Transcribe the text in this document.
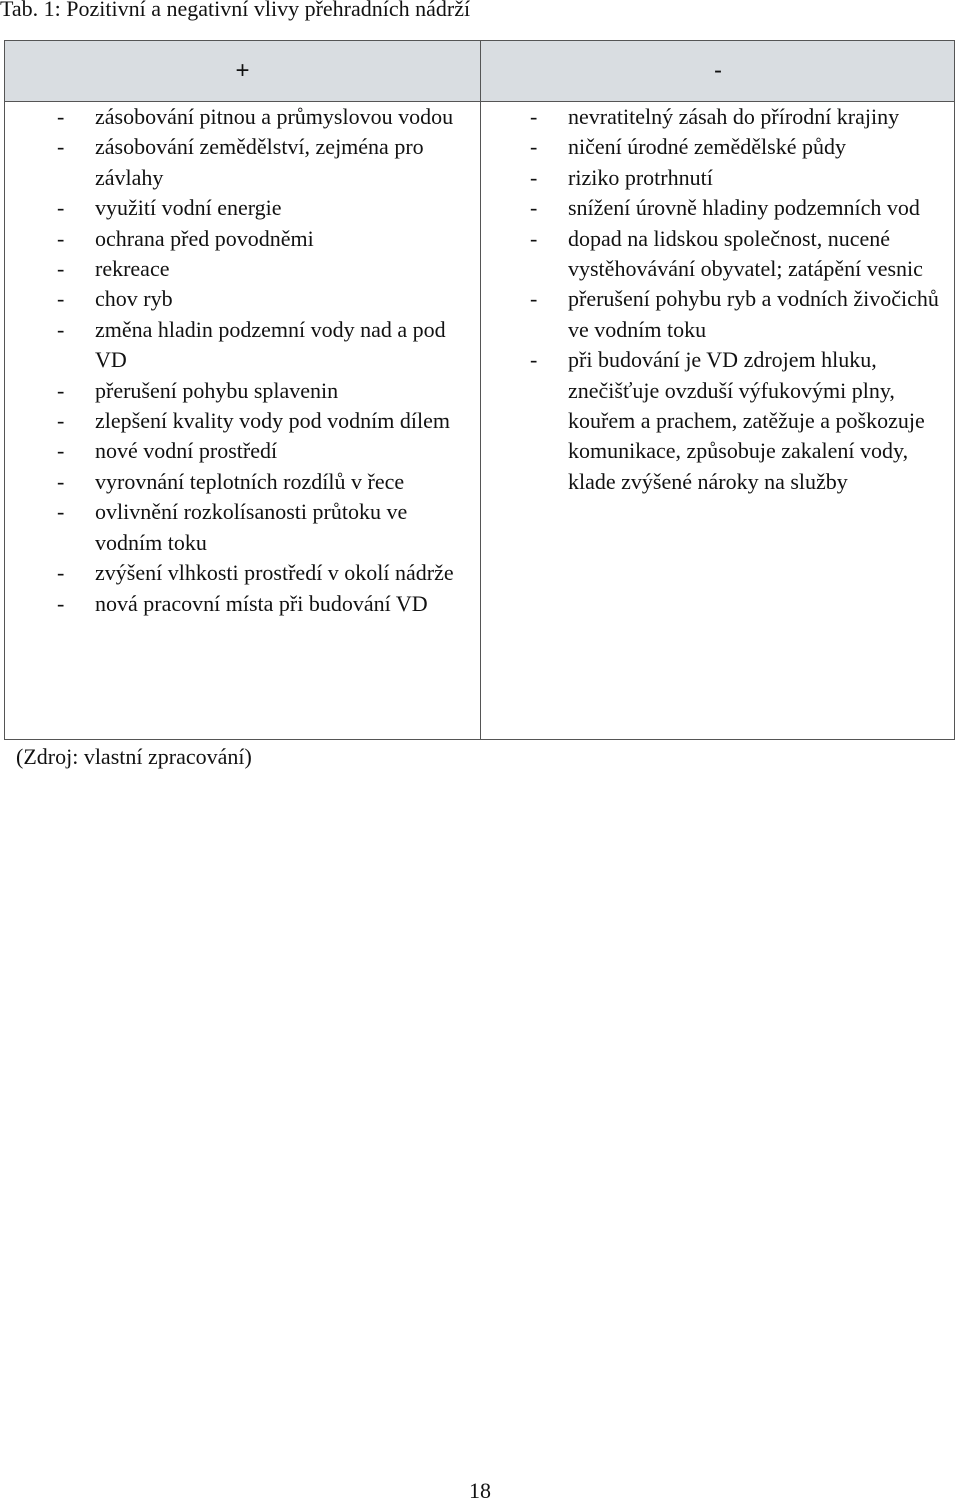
Tab. 1: Pozitivní a negativní vlivy přehradních nádrží
+	-
- zásobování pitnou a průmyslovou vodou
- zásobování zemědělství, zejména pro závlahy
- využití vodní energie
- ochrana před povodněmi
- rekreace
- chov ryb
- změna hladin podzemní vody nad a pod VD
- přerušení pohybu splavenin
- zlepšení kvality vody pod vodním dílem
- nové vodní prostředí
- vyrovnání teplotních rozdílů v řece
- ovlivnění rozkolísanosti průtoku ve vodním toku
- zvýšení vlhkosti prostředí v okolí nádrže
- nová pracovní místa při budování VD
- nevratitelný zásah do přírodní krajiny
- ničení úrodné zemědělské půdy
- riziko protrhnutí
- snížení úrovně hladiny podzemních vod
- dopad na lidskou společnost, nucené vystěhovávání obyvatel; zatápění vesnic
- přerušení pohybu ryb a vodních živočichů ve vodním toku
- při budování je VD zdrojem hluku, znečišťuje ovzduší výfukovými plny, kouřem a prachem, zatěžuje a poškozuje komunikace, způsobuje zakalení vody, klade zvýšené nároky na služby
(Zdroj: vlastní zpracování)
18
